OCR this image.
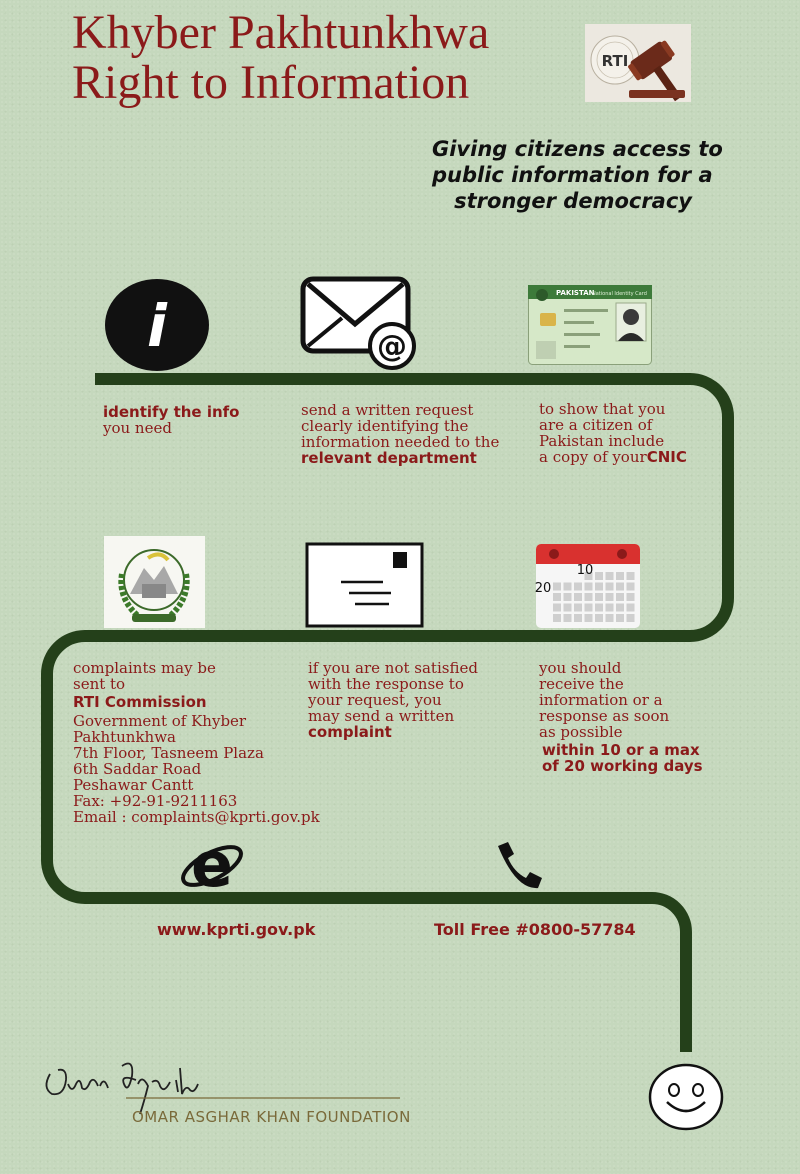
Khyber Pakhtunkhwa
Right to Information	RTI
Giving citizens access to
public information for a
stronger democracy
i	@
PAKISTAN
National Identity Card
identify the info
you need
send a written request
clearly identifying the
information needed to the
relevant department
to show that you
are a citizen of
Pakistan include
a copy of yourCNIC
10
20
complaints may be
sent to
RTI Commission
Government of Khyber
Pakhtunkhwa
7th Floor, Tasneem Plaza
6th Saddar Road
Peshawar Cantt
Fax: +92-91-9211163
Email : complaints@kprti.gov.pk
if you are not satisfied
with the response to
your request, you
may send a written
complaint
you should
receive the
information or a
response as soon
as possible
within 10 or a max
of 20 working days
e
www.kprti.gov.pk	Toll Free #0800-57784
OMAR ASGHAR KHAN FOUNDATION
